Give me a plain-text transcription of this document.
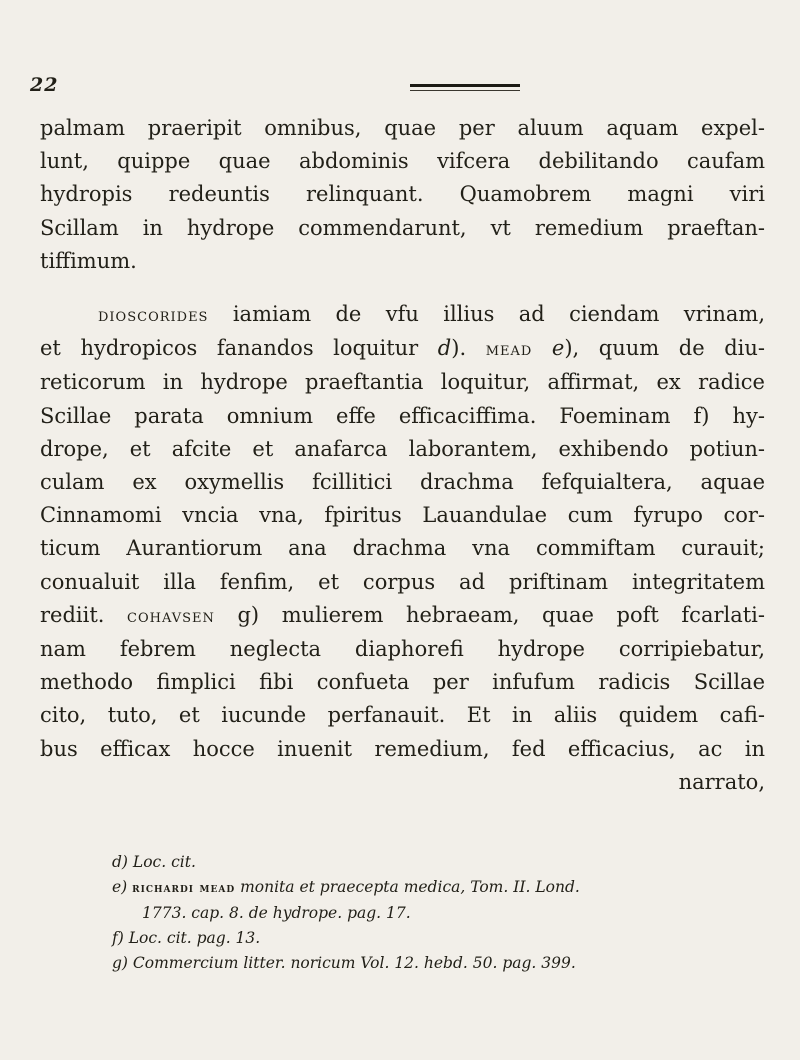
22
palmam praeripit omnibus, quae per aluum aquam expel-
lunt, quippe quae abdominis vifcera debilitando caufam
hydropis redeuntis relinquant. Quamobrem magni viri
Scillam in hydrope commendarunt, vt remedium praeftan-
tiffimum.
dioscorides iamiam de vfu illius ad ciendam vrinam,
et hydropicos fanandos loquitur d). mead e), quum de diu-
reticorum in hydrope praeftantia loquitur, affirmat, ex radice
Scillae parata omnium effe efficaciffima. Foeminam f) hy-
drope, et afcite et anafarca laborantem, exhibendo potiun-
culam ex oxymellis fcillitici drachma fefquialtera, aquae
Cinnamomi vncia vna, fpiritus Lauandulae cum fyrupo cor-
ticum Aurantiorum ana drachma vna commiftam curauit;
conualuit illa fenfim, et corpus ad priftinam integritatem
rediit. cohavsen g) mulierem hebraeam, quae poft fcarlati-
nam febrem neglecta diaphorefi hydrope corripiebatur,
methodo fimplici fibi confueta per infufum radicis Scillae
cito, tuto, et iucunde perfanauit. Et in aliis quidem cafi-
bus efficax hocce inuenit remedium, fed efficacius, ac in
narrato,
d) Loc. cit.
e) richardi mead monita et praecepta medica, Tom. II. Lond.
1773. cap. 8. de hydrope. pag. 17.
f) Loc. cit. pag. 13.
g) Commercium litter. noricum Vol. 12. hebd. 50. pag. 399.
